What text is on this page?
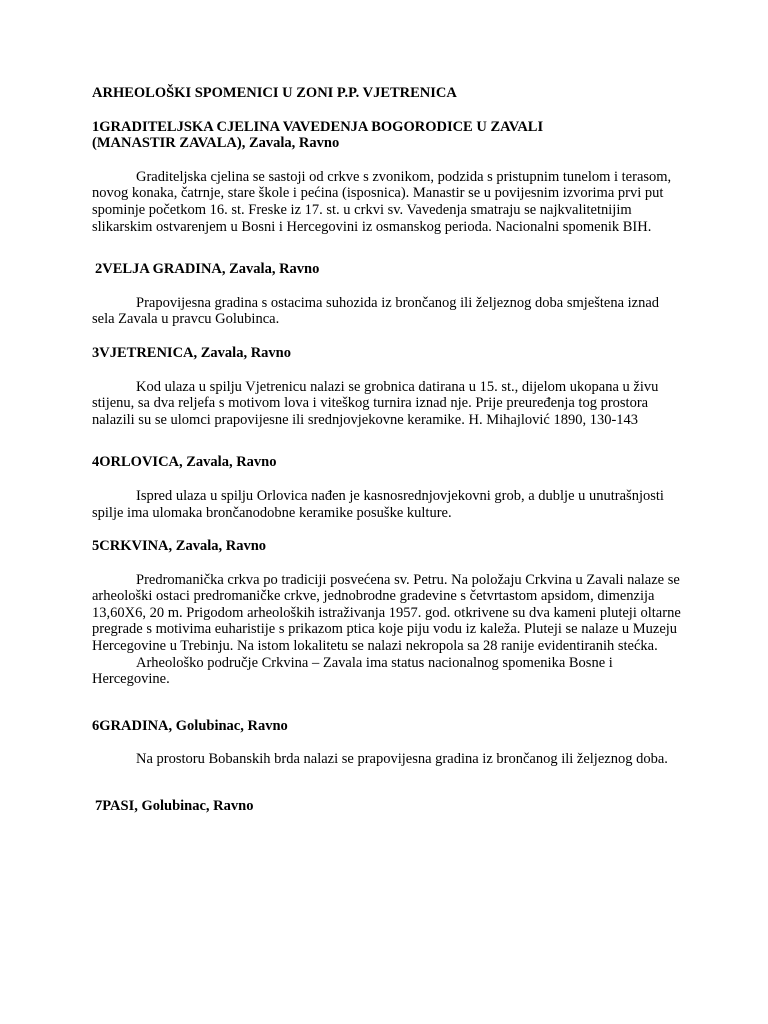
ARHEOLOŠKI SPOMENICI U ZONI P.P. VJETRENICA

1GRADITELJSKA CJELINA VAVEDENJA BOGORODICE U ZAVALI

(MANASTIR ZAVALA), Zavala, Ravno

Graditeljska cjelina se sastoji od crkve s zvonikom, podzida s pristupnim tunelom i terasom, novog konaka, čatrnje, stare škole i pećina (isposnica). Manastir se u povijesnim izvorima prvi put spominje početkom 16. st. Freske iz 17. st. u crkvi sv. Vavedenja smatraju se najkvalitetnijim slikarskim ostvarenjem u Bosni i Hercegovini iz osmanskog perioda. Nacionalni spomenik BIH.

2VELJA GRADINA, Zavala, Ravno

Prapovijesna gradina s ostacima suhozida iz brončanog ili željeznog doba smještena iznad sela Zavala u pravcu Golubinca.

3VJETRENICA, Zavala, Ravno

Kod ulaza u spilju Vjetrenicu nalazi se grobnica datirana u 15. st., dijelom ukopana u živu stijenu, sa dva reljefa s motivom lova i viteškog turnira iznad nje. Prije preuređenja tog prostora nalazili su se ulomci prapovijesne ili srednjovjekovne keramike. H. Mihajlović 1890, 130-143

4ORLOVICA, Zavala, Ravno

Ispred ulaza u spilju Orlovica nađen je kasnosrednjovjekovni grob, a dublje u unutrašnjosti spilje ima ulomaka brončanodobne keramike posuške kulture.

5CRKVINA, Zavala, Ravno

Predromanička crkva po tradiciji posvećena sv. Petru. Na položaju Crkvina u Zavali nalaze se arheološki ostaci predromaničke crkve, jednobrodne gradevine s četvrtastom apsidom, dimenzija 13,60X6, 20 m. Prigodom arheoloških istraživanja 1957. god. otkrivene su dva kameni pluteji oltarne pregrade s motivima euharistije s prikazom ptica koje piju vodu iz kaleža. Pluteji se nalaze u Muzeju Hercegovine u Trebinju. Na istom lokalitetu se nalazi nekropola sa 28 ranije evidentiranih stećka.

Arheološko područje Crkvina – Zavala ima status nacionalnog spomenika Bosne i Hercegovine.

6GRADINA, Golubinac, Ravno

Na prostoru Bobanskih brda nalazi se prapovijesna gradina iz brončanog ili željeznog doba.

7PASI, Golubinac, Ravno
